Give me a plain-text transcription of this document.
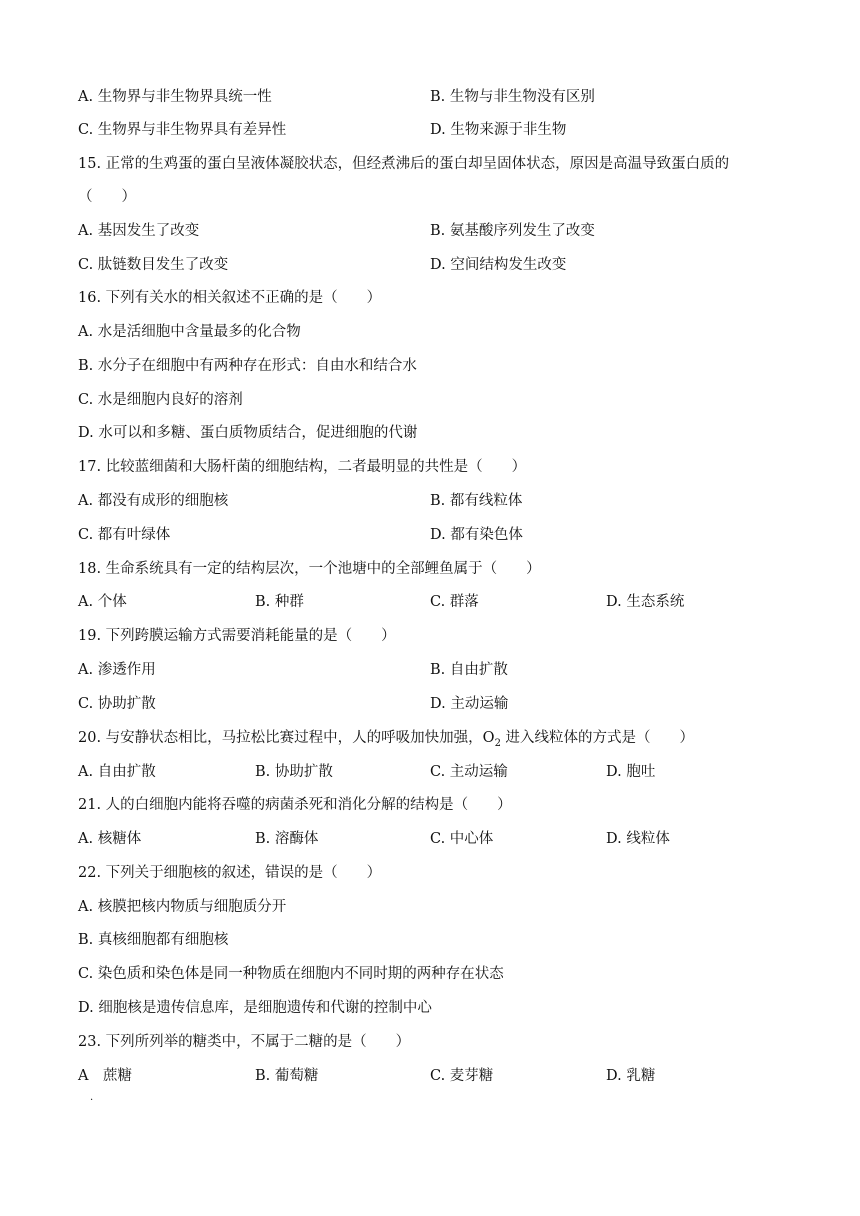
A. 生物界与非生物界具统一性	B. 生物与非生物没有区别
C. 生物界与非生物界具有差异性	D. 生物来源于非生物
15. 正常的生鸡蛋的蛋白呈液体凝胶状态，但经煮沸后的蛋白却呈固体状态，原因是高温导致蛋白质的
（　　）
A. 基因发生了改变	B. 氨基酸序列发生了改变
C. 肽链数目发生了改变	D. 空间结构发生改变
16. 下列有关水的相关叙述不正确的是（　　）
A. 水是活细胞中含量最多的化合物
B. 水分子在细胞中有两种存在形式：自由水和结合水
C. 水是细胞内良好的溶剂
D. 水可以和多糖、蛋白质物质结合，促进细胞的代谢
17. 比较蓝细菌和大肠杆菌的细胞结构，二者最明显的共性是（　　）
A. 都没有成形的细胞核	B. 都有线粒体
C. 都有叶绿体	D. 都有染色体
18. 生命系统具有一定的结构层次，一个池塘中的全部鲤鱼属于（　　）
A. 个体	B. 种群	C. 群落	D. 生态系统
19. 下列跨膜运输方式需要消耗能量的是（　　）
A. 渗透作用	B. 自由扩散
C. 协助扩散	D. 主动运输
20. 与安静状态相比，马拉松比赛过程中，人的呼吸加快加强，$O_2$ 进入线粒体的方式是（　　）
A. 自由扩散	B. 协助扩散	C. 主动运输	D. 胞吐
21. 人的白细胞内能将吞噬的病菌杀死和消化分解的结构是（　　）
A. 核糖体	B. 溶酶体	C. 中心体	D. 线粒体
22. 下列关于细胞核的叙述，错误的是（　　）
A. 核膜把核内物质与细胞质分开
B. 真核细胞都有细胞核
C. 染色质和染色体是同一种物质在细胞内不同时期的两种存在状态
D. 细胞核是遗传信息库，是细胞遗传和代谢的控制中心
23. 下列所列举的糖类中，不属于二糖的是（　　）
A　蔗糖	B. 葡萄糖	C. 麦芽糖	D. 乳糖
.
